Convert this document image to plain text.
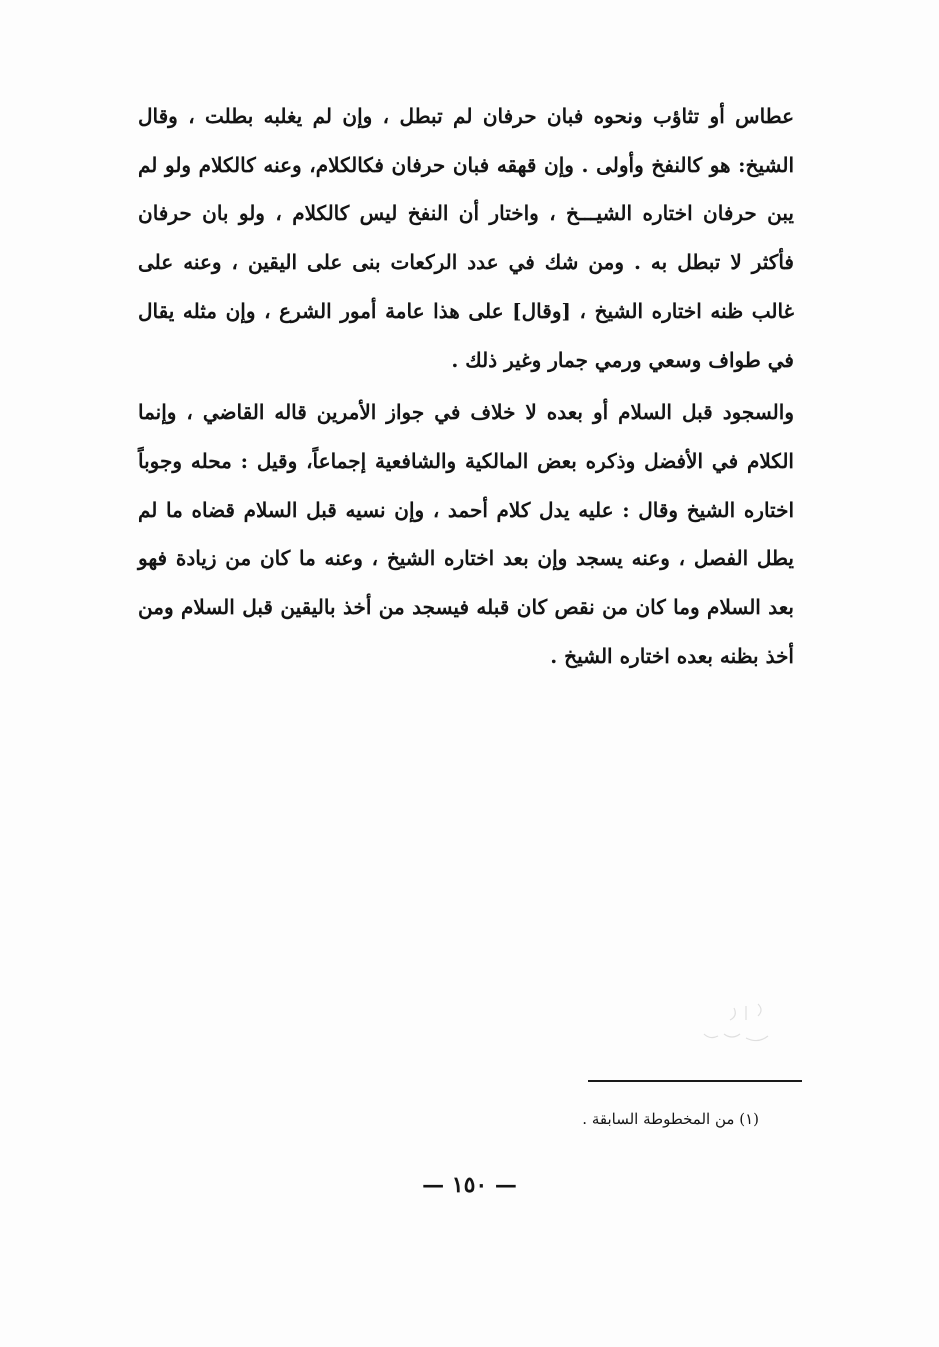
عطاس أو تثاؤب ونحوه فبان حرفان لم تبطل ، وإن لم يغلبه بطلت ، وقال الشيخ: هو كالنفخ وأولى . وإن قهقه فبان حرفان فكالكلام، وعنه كالكلام ولو لم يبن حرفان اختاره الشيـــخ ، واختار أن النفخ ليس كالكلام ، ولو بان حرفان فأكثر لا تبطل به . ومن شك في عدد الركعات بنى على اليقين ، وعنه على غالب ظنه اختاره الشيخ ، [وقال] على هذا عامة أمور الشرع ، وإن مثله يقال في طواف وسعي ورمي جمار وغير ذلك .

والسجود قبل السلام أو بعده لا خلاف في جواز الأمرين قاله القاضي ، وإنما الكلام في الأفضل وذكره بعض المالكية والشافعية إجماعاً، وقيل : محله وجوباً اختاره الشيخ وقال : عليه يدل كلام أحمد ، وإن نسيه قبل السلام قضاه ما لم يطل الفصل ، وعنه يسجد وإن بعد اختاره الشيخ ، وعنه ما كان من زيادة فهو بعد السلام وما كان من نقص كان قبله فيسجد من أخذ باليقين قبل السلام ومن أخذ بظنه بعده اختاره الشيخ .

(١) من المخطوطة السابقة .
— ١٥٠ —
